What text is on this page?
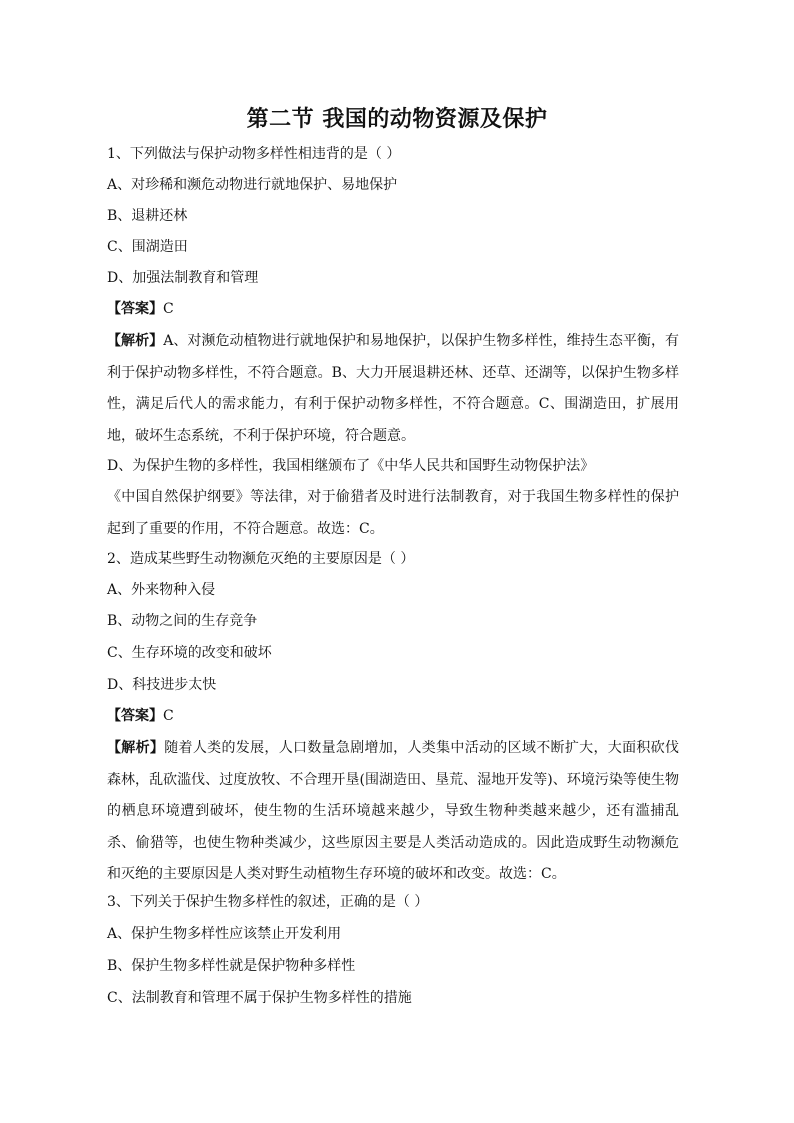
第二节 我国的动物资源及保护
1、下列做法与保护动物多样性相违背的是（ ）
A、对珍稀和濒危动物进行就地保护、易地保护
B、退耕还林
C、围湖造田
D、加强法制教育和管理
【答案】C
【解析】A、对濒危动植物进行就地保护和易地保护，以保护生物多样性，维持生态平衡，有利于保护动物多样性，不符合题意。B、大力开展退耕还林、还草、还湖等，以保护生物多样性，满足后代人的需求能力，有利于保护动物多样性，不符合题意。C、围湖造田，扩展用地，破坏生态系统，不利于保护环境，符合题意。
D、为保护生物的多样性，我国相继颁布了《中华人民共和国野生动物保护法》
《中国自然保护纲要》等法律，对于偷猎者及时进行法制教育，对于我国生物多样性的保护起到了重要的作用，不符合题意。故选：C。
2、造成某些野生动物濒危灭绝的主要原因是（ ）
A、外来物种入侵
B、动物之间的生存竞争
C、生存环境的改变和破坏
D、科技进步太快
【答案】C
【解析】随着人类的发展，人口数量急剧增加，人类集中活动的区域不断扩大，大面积砍伐森林，乱砍滥伐、过度放牧、不合理开垦(围湖造田、垦荒、湿地开发等)、环境污染等使生物的栖息环境遭到破坏，使生物的生活环境越来越少，导致生物种类越来越少，还有滥捕乱杀、偷猎等，也使生物种类减少，这些原因主要是人类活动造成的。因此造成野生动物濒危和灭绝的主要原因是人类对野生动植物生存环境的破坏和改变。故选：C。
3、下列关于保护生物多样性的叙述，正确的是（ ）
A、保护生物多样性应该禁止开发利用
B、保护生物多样性就是保护物种多样性
C、法制教育和管理不属于保护生物多样性的措施
